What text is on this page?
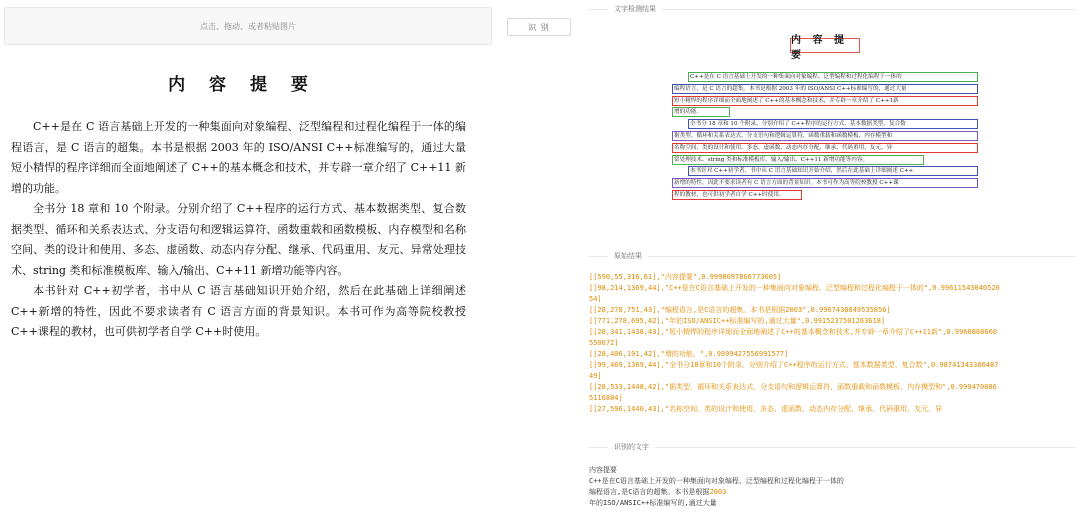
点击、拖动、或者粘贴图片	识 别
内 容 提 要

C++是在 C 语言基础上开发的一种集面向对象编程、泛型编程和过程化编程于一体的编程语言，是 C 语言的超集。本书是根据 2003 年的 ISO/ANSI C++标准编写的，通过大量短小精悍的程序详细而全面地阐述了 C++的基本概念和技术，并专辟一章介绍了 C++11 新增的功能。

全书分 18 章和 10 个附录。分别介绍了 C++程序的运行方式、基本数据类型、复合数据类型、循环和关系表达式、分支语句和逻辑运算符、函数重载和函数模板、内存模型和名称空间、类的设计和使用、多态、虚函数、动态内存分配、继承、代码重用、友元、异常处理技术、string 类和标准模板库、输入/输出、C++11 新增功能等内容。

本书针对 C++初学者，书中从 C 语言基础知识开始介绍，然后在此基础上详细阐述 C++新增的特性，因此不要求读者有 C 语言方面的背景知识。本书可作为高等院校教授 C++课程的教材，也可供初学者自学 C++时使用。

文字检测结果
内 容 提 要
C++是在 C 语言基础上开发的一种集面向对象编程、泛型编程和过程化编程于一体的
编程语言，是 C 语言的超集。本书是根据 2003 年的 ISO/ANSI C++标准编写的，通过大量
短小精悍的程序详细而全面地阐述了 C++的基本概念和技术，并专辟一章介绍了 C++1新
增的功能。
全书分 18 章和 10 个附录。分别介绍了 C++程序的运行方式、基本数据类型、复合数
据类型、循环和关系表达式、分支语句和逻辑运算符、函数重载和函数模板、内存模型和
名称空间、类的设计和使用、多态、虚函数、动态内存分配、继承、代码重用、友元、异
常处理技术、string 类和标准模板库、输入/输出、C++11 新增功能等内容。
本书针对 C++初学者，书中从 C 语言基础知识开始介绍，然后在此基础上详细阐述 C++
新增的特性，因此不要求读者有 C 语言方面的背景知识。本书可作为高等院校教授 C++课
程的教材，也可供初学者自学 C++时使用。
原始结果
[[590,55,316,61],"内容提要",0.9998097866773605]
[[98,214,1369,44],"C++是在C语言基础上开发的一种集面向对象编程、泛型编程和过程化编程于一体的",0.9961154304052654]
[[28,278,751,43],"编程语言,是C语言的超集。本书是根据2003",0.9967438849535856]
[[771,278,695,42],"年的ISO/ANSIC++标准编写的,通过大量",0.9915237501263618]
[[28,341,1438,43],"短小精悍的程序详细而全面地阐述了C++的基本概念和技术,并专辟一章介绍了C++11新",0.9960888660550672]
[[28,406,191,42],"增的功能。",0.9999427556991577]
[[99,469,1369,44],"全书分18章和10个附录。分别介绍了C++程序的运行方式、基本数据类型、复合数",0.9874134330648749]
[[28,533,1448,42],"据类型、循环和关系表达式、分支语句和逻辑运算符、函数重载和函数模板、内存模型和",0.9994708865116804]
[[27,596,1440,43],"名称空间、类的设计和使用、多态、虚函数、动态内存分配、继承、代码重用、友元、异
识别的文字
内容提要
C++是在C语言基础上开发的一种集面向对象编程、泛型编程和过程化编程于一体的
编程语言,是C语言的超集。本书是根据2003
年的ISO/ANSIC++标准编写的,通过大量
